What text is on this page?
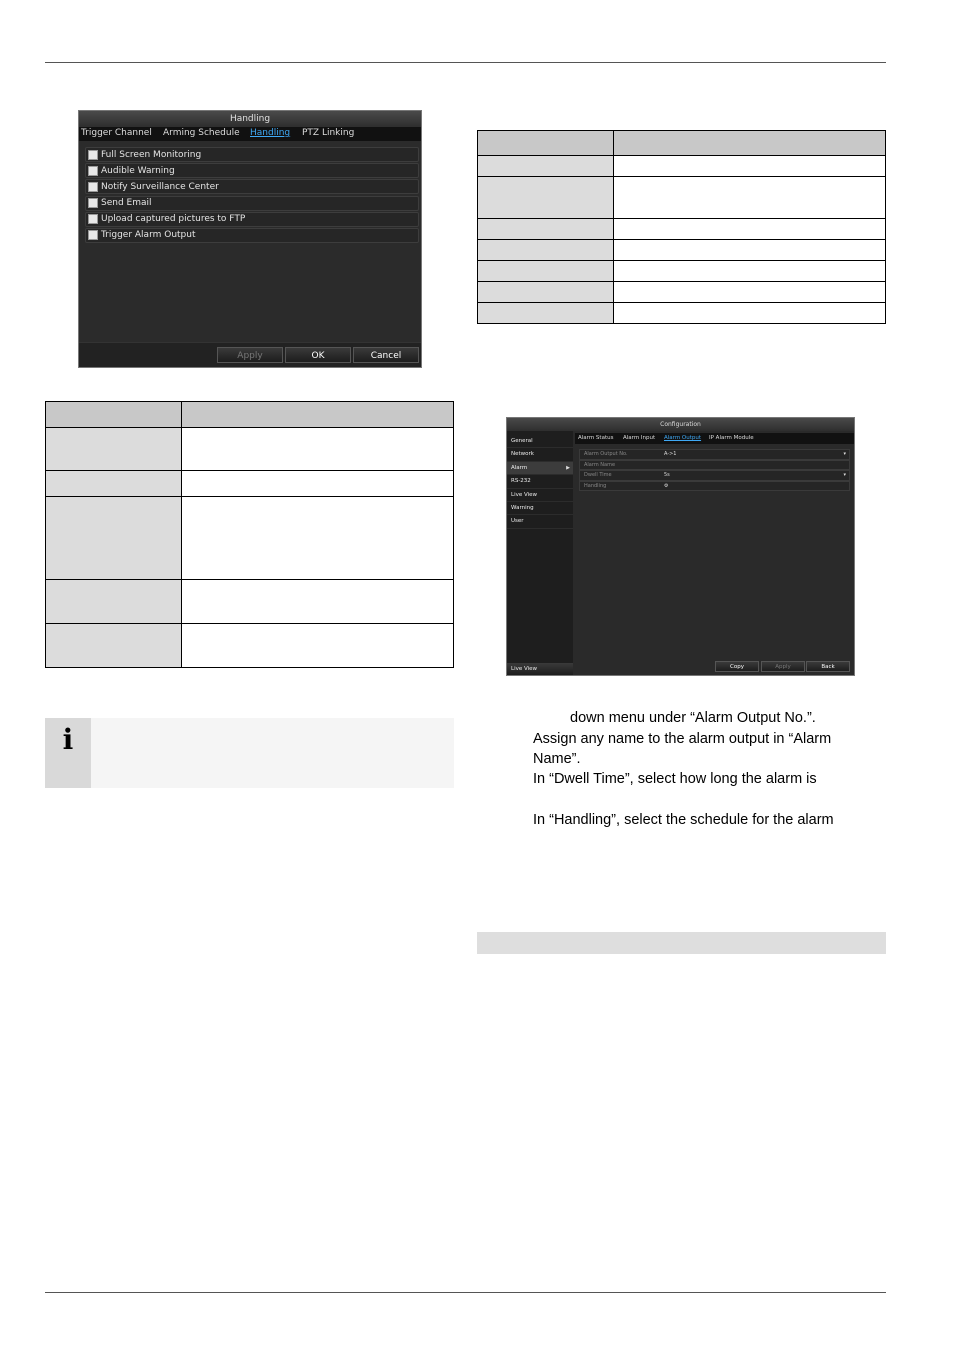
Handling
Trigger Channel Arming Schedule Handling PTZ Linking
Full Screen Monitoring
Audible Warning
Notify Surveillance Center
Send Email
Upload captured pictures to FTP
Trigger Alarm Output
Apply	OK	Cancel

i

Configuration
General
Network
Alarm	▶
RS-232
Live View
Warning
User
Live View
Alarm Status Alarm Input Alarm Output IP Alarm Module
Alarm Output No.	A->1	▾
Alarm Name
Dwell Time	5s	▾
Handling	⚙
Copy	Apply	Back
down menu under “Alarm Output No.”.
Assign any name to the alarm output in “Alarm
Name”.
In “Dwell Time”, select how long the alarm is
In “Handling”, select the schedule for the alarm
